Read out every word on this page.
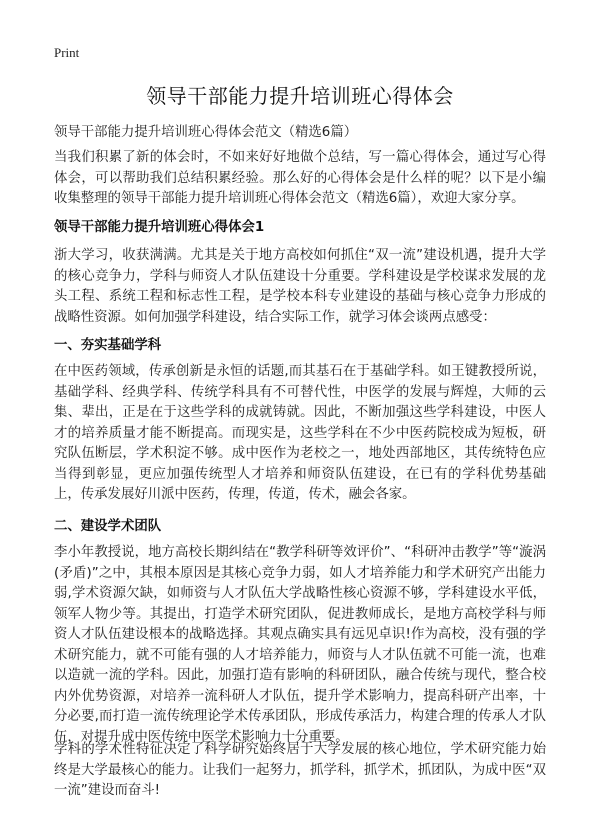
Print
领导干部能力提升培训班心得体会
领导干部能力提升培训班心得体会范文（精选6篇）

当我们积累了新的体会时，不如来好好地做个总结，写一篇心得体会，通过写心得体会，可以帮助我们总结积累经验。那么好的心得体会是什么样的呢？以下是小编收集整理的领导干部能力提升培训班心得体会范文（精选6篇），欢迎大家分享。

领导干部能力提升培训班心得体会1

浙大学习，收获满满。尤其是关于地方高校如何抓住“双一流”建设机遇，提升大学的核心竞争力，学科与师资人才队伍建设十分重要。学科建设是学校谋求发展的龙头工程、系统工程和标志性工程，是学校本科专业建设的基础与核心竞争力形成的战略性资源。如何加强学科建设，结合实际工作，就学习体会谈两点感受：

一、夯实基础学科

在中医药领域，传承创新是永恒的话题,而其基石在于基础学科。如王键教授所说，基础学科、经典学科、传统学科具有不可替代性，中医学的发展与辉煌，大师的云集、辈出，正是在于这些学科的成就铸就。因此，不断加强这些学科建设，中医人才的培养质量才能不断提高。而现实是，这些学科在不少中医药院校成为短板，研究队伍断层，学术积淀不够。成中医作为老校之一，地处西部地区，其传统特色应当得到彰显，更应加强传统型人才培养和师资队伍建设，在已有的学科优势基础上，传承发展好川派中医药，传理，传道，传术，融会各家。

二、建设学术团队

李小年教授说，地方高校长期纠结在“教学科研等效评价”、“科研冲击教学”等“漩涡(矛盾)”之中，其根本原因是其核心竞争力弱，如人才培养能力和学术研究产出能力弱,学术资源欠缺，如师资与人才队伍大学战略性核心资源不够，学科建设水平低，领军人物少等。其提出，打造学术研究团队，促进教师成长，是地方高校学科与师资人才队伍建设根本的战略选择。其观点确实具有远见卓识!作为高校，没有强的学术研究能力，就不可能有强的人才培养能力，师资与人才队伍就不可能一流，也难以造就一流的学科。因此，加强打造有影响的科研团队，融合传统与现代，整合校内外优势资源，对培养一流科研人才队伍，提升学术影响力，提高科研产出率，十分必要,而打造一流传统理论学术传承团队，形成传承活力，构建合理的传承人才队伍，对提升成中医传统中医学术影响力十分重要。

学科的学术性特征决定了科学研究始终居于大学发展的核心地位，学术研究能力始终是大学最核心的能力。让我们一起努力，抓学科，抓学术，抓团队，为成中医“双一流”建设而奋斗!
